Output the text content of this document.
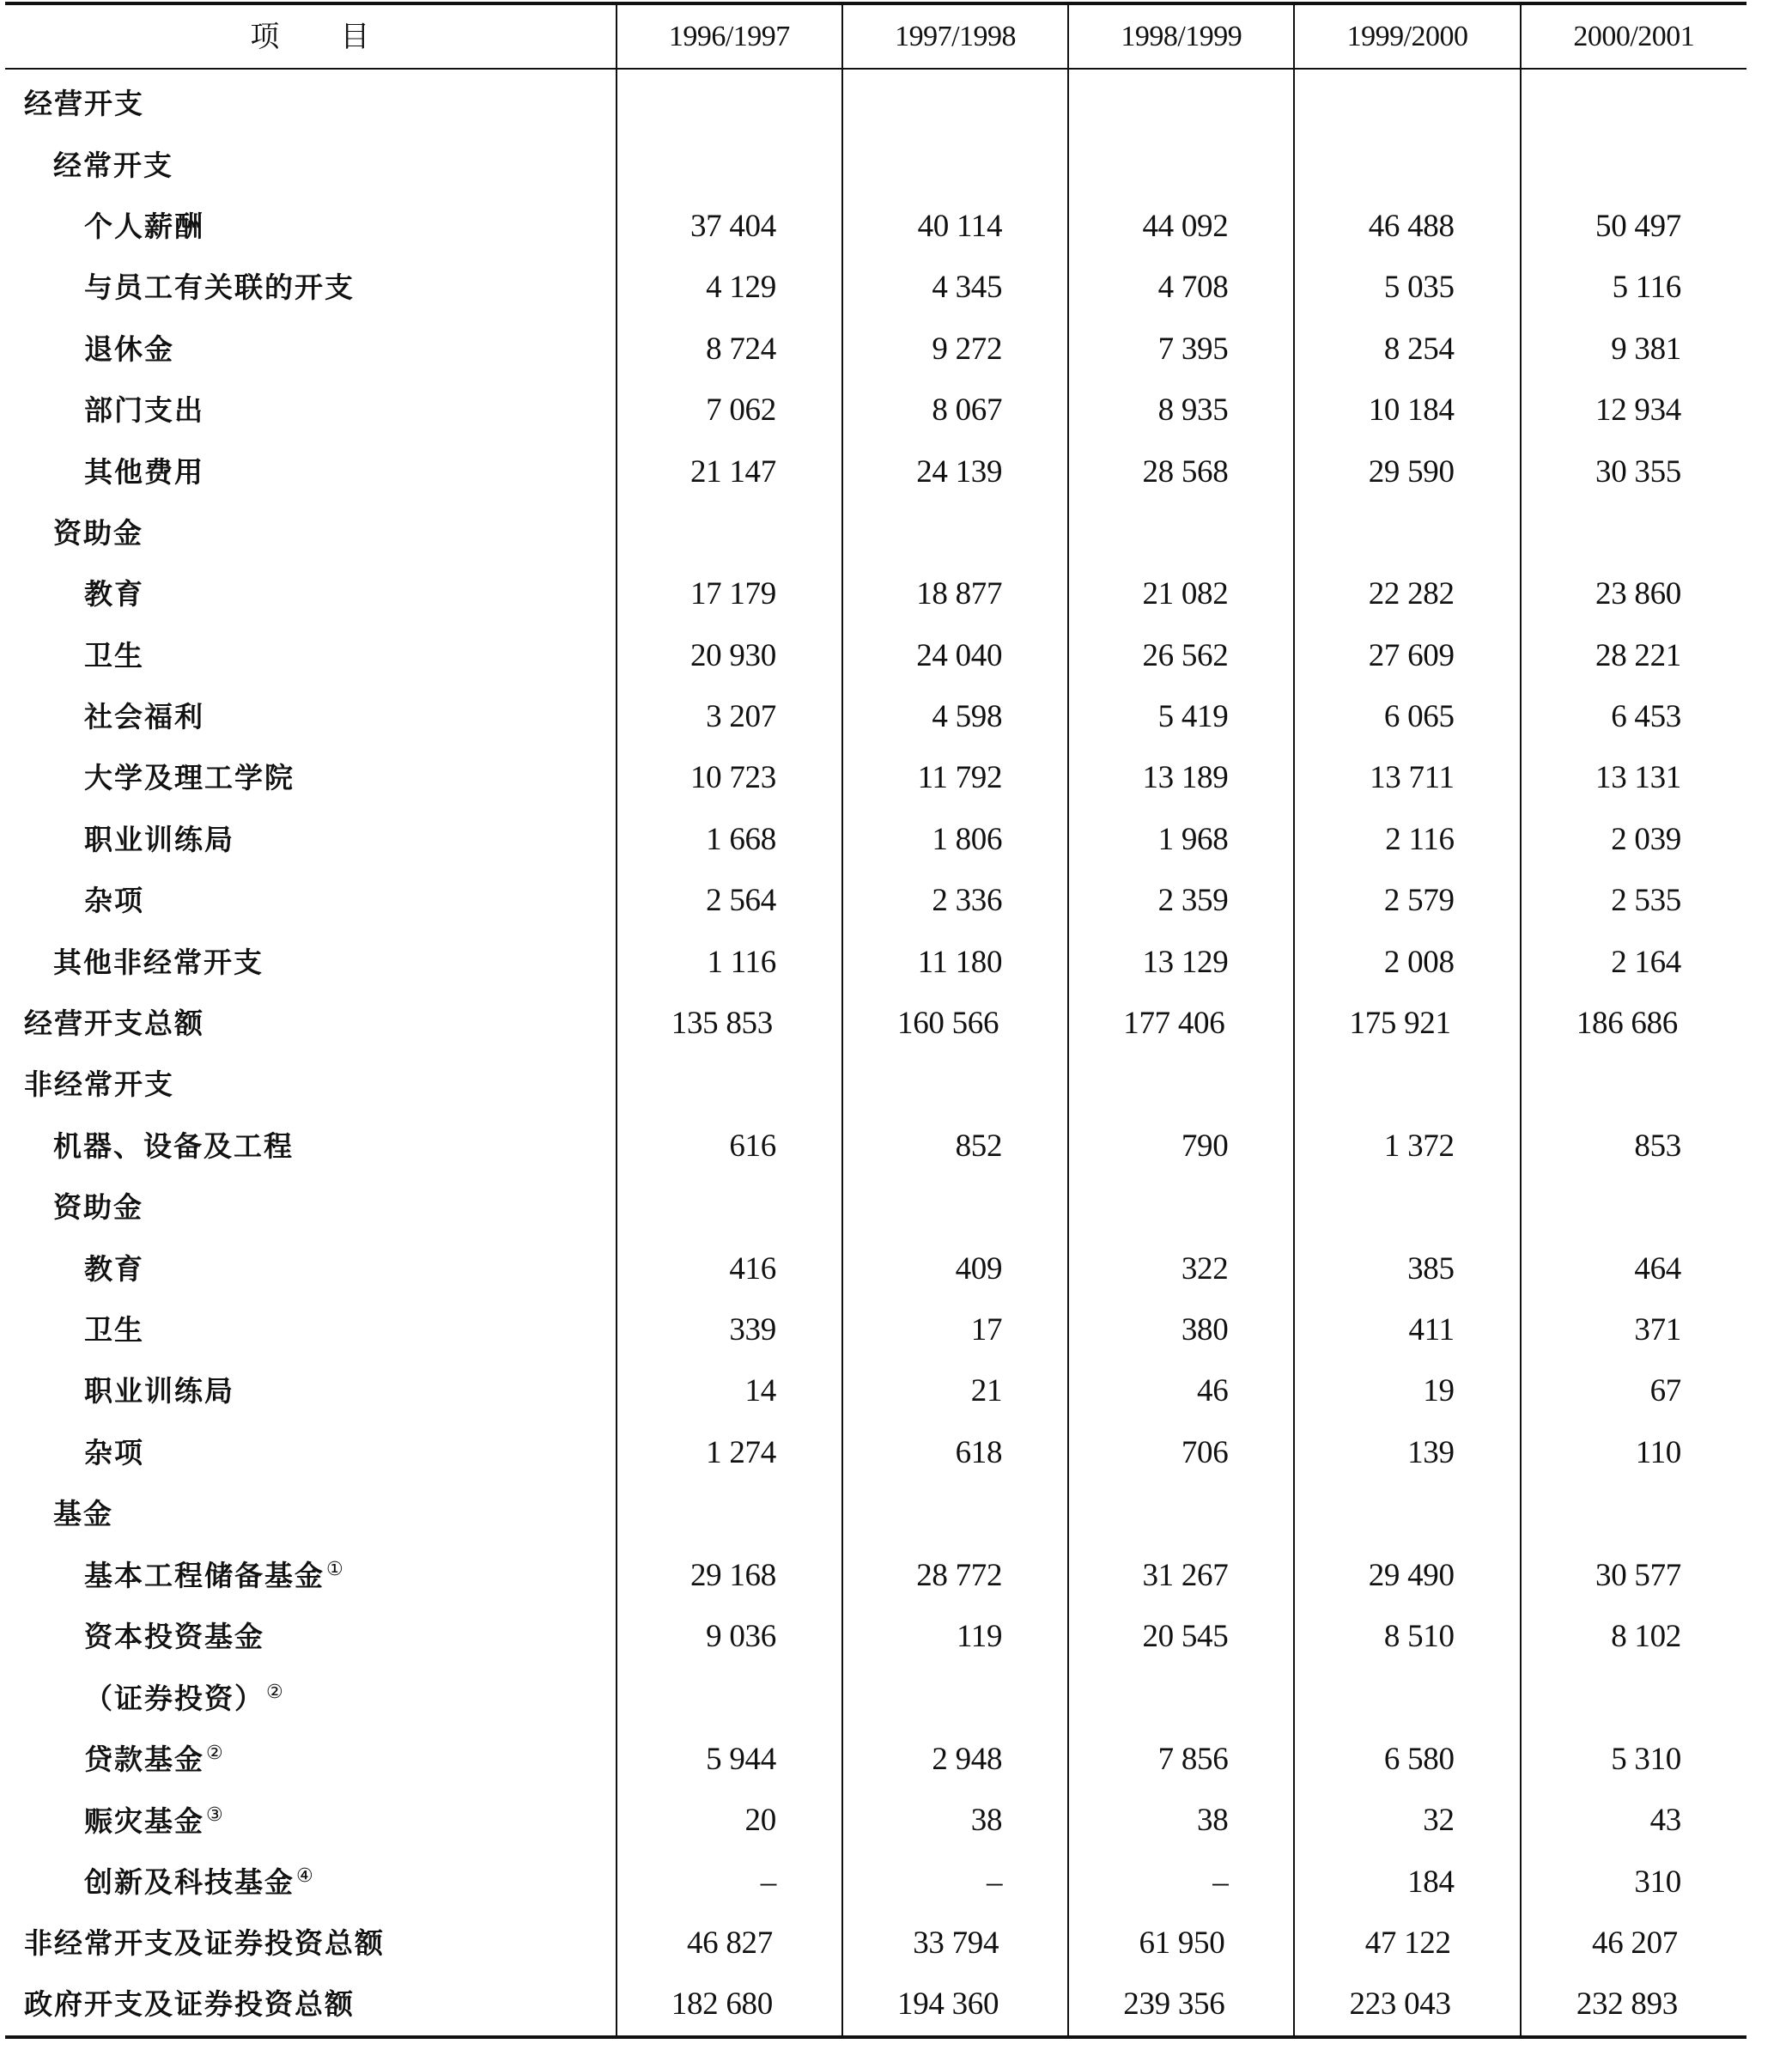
项 目	1996/1997	1997/1998	1998/1999	1999/2000	2000/2001
经营开支					
经常开支					
个人薪酬	37 404	40 114	44 092	46 488	50 497
与员工有关联的开支	4 129	4 345	4 708	5 035	5 116
退休金	8 724	9 272	7 395	8 254	9 381
部门支出	7 062	8 067	8 935	10 184	12 934
其他费用	21 147	24 139	28 568	29 590	30 355
资助金					
教育	17 179	18 877	21 082	22 282	23 860
卫生	20 930	24 040	26 562	27 609	28 221
社会福利	3 207	4 598	5 419	6 065	6 453
大学及理工学院	10 723	11 792	13 189	13 711	13 131
职业训练局	1 668	1 806	1 968	2 116	2 039
杂项	2 564	2 336	2 359	2 579	2 535
其他非经常开支	1 116	11 180	13 129	2 008	2 164
经营开支总额	135 853	160 566	177 406	175 921	186 686
非经常开支					
机器、设备及工程	616	852	790	1 372	853
资助金					
教育	416	409	322	385	464
卫生	339	17	380	411	371
职业训练局	14	21	46	19	67
杂项	1 274	618	706	139	110
基金					
基本工程储备基金①	29 168	28 772	31 267	29 490	30 577
资本投资基金	9 036	119	20 545	8 510	8 102
（证券投资）②					
贷款基金②	5 944	2 948	7 856	6 580	5 310
赈灾基金③	20	38	38	32	43
创新及科技基金④	–	–	–	184	310
非经常开支及证券投资总额	46 827	33 794	61 950	47 122	46 207
政府开支及证券投资总额	182 680	194 360	239 356	223 043	232 893
